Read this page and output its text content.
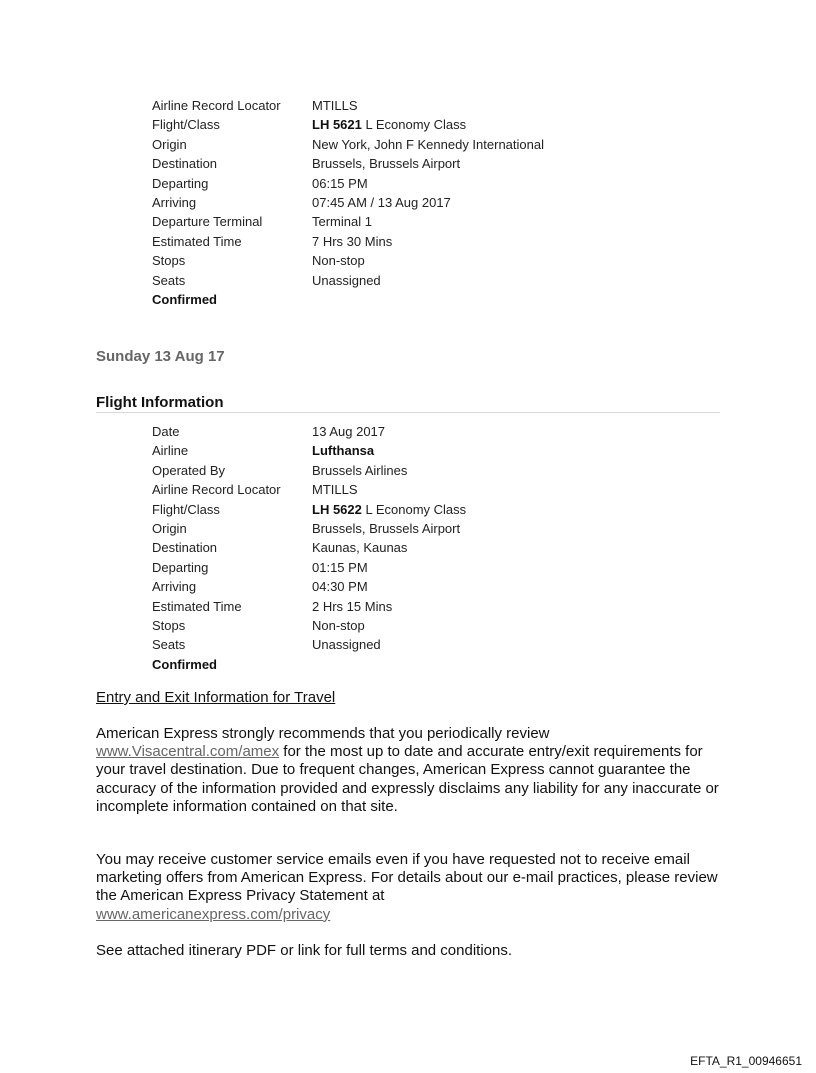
Airline Record Locator	MTILLS
Flight/Class	LH 5621 L Economy Class
Origin	New York, John F Kennedy International
Destination	Brussels, Brussels Airport
Departing	06:15 PM
Arriving	07:45 AM / 13 Aug 2017
Departure Terminal	Terminal 1
Estimated Time	7 Hrs 30 Mins
Stops	Non-stop
Seats	Unassigned
Confirmed
Sunday 13 Aug 17
Flight Information
Date	13 Aug 2017
Airline	Lufthansa
Operated By	Brussels Airlines
Airline Record Locator	MTILLS
Flight/Class	LH 5622 L Economy Class
Origin	Brussels, Brussels Airport
Destination	Kaunas, Kaunas
Departing	01:15 PM
Arriving	04:30 PM
Estimated Time	2 Hrs 15 Mins
Stops	Non-stop
Seats	Unassigned
Confirmed
Entry and Exit Information for Travel
American Express strongly recommends that you periodically review
www.Visacentral.com/amex for the most up to date and accurate entry/exit requirements for your travel destination. Due to frequent changes, American Express cannot guarantee the accuracy of the information provided and expressly disclaims any liability for any inaccurate or incomplete information contained on that site.
You may receive customer service emails even if you have requested not to receive email marketing offers from American Express. For details about our e-mail practices, please review the American Express Privacy Statement at
www.americanexpress.com/privacy
See attached itinerary PDF or link for full terms and conditions.
EFTA_R1_00946651
